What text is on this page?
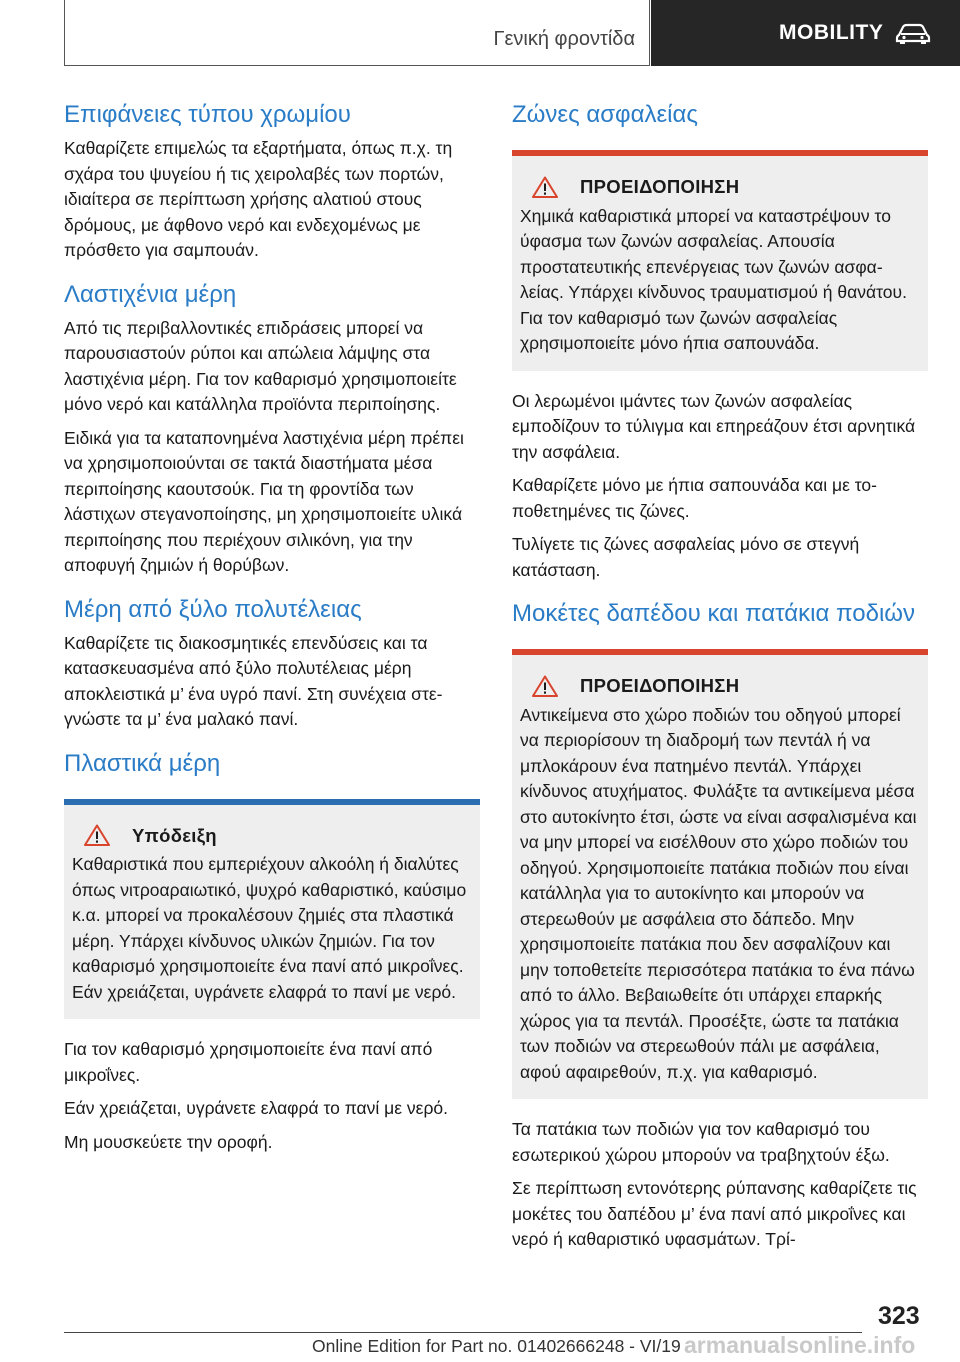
Γενική φροντίδα	MOBILITY
Επιφάνειες τύπου χρωμίου

Καθαρίζετε επιμελώς τα εξαρτήματα, όπως π.χ. τη σχάρα του ψυγείου ή τις χειρολαβές των πορτών, ιδιαίτερα σε περίπτωση χρήσης αλατιού στους δρόμους, με άφθονο νερό και ενδεχομένως με πρόσθετο για σαμπουάν.

Λαστιχένια μέρη

Από τις περιβαλλοντικές επιδράσεις μπορεί να παρουσιαστούν ρύποι και απώλεια λάμψης στα λαστιχένια μέρη. Για τον καθαρισμό χρησιμοποιείτε μόνο νερό και κατάλληλα προϊόντα περιποίησης.

Ειδικά για τα καταπονημένα λαστιχένια μέρη πρέπει να χρησιμοποιούνται σε τακτά διαστήματα μέσα περιποίησης καουτσούκ. Για τη φροντίδα των λάστιχων στεγανοποίησης, μη χρησιμοποιείτε υλικά περιποίησης που περιέχουν σιλικόνη, για την αποφυγή ζημιών ή θορύβων.

Μέρη από ξύλο πολυτέλειας

Καθαρίζετε τις διακοσμητικές επενδύσεις και τα κατασκευασμένα από ξύλο πολυτέλειας μέρη αποκλειστικά μ’ ένα υγρό πανί. Στη συνέχεια στεγνώστε τα μ’ ένα μαλακό πανί.

Πλαστικά μέρη
Υπόδειξη

Καθαριστικά που εμπεριέχουν αλκοόλη ή διαλύτες όπως νιτροαραιωτικό, ψυχρό καθαριστικό, καύσιμο κ.α. μπορεί να προκαλέσουν ζημιές στα πλαστικά μέρη. Υπάρχει κίνδυνος υλικών ζημιών. Για τον καθαρισμό χρησιμοποιείτε ένα πανί από μικροΐνες. Εάν χρειάζεται, υγράνετε ελαφρά το πανί με νερό.

Για τον καθαρισμό χρησιμοποιείτε ένα πανί από μικροΐνες.

Εάν χρειάζεται, υγράνετε ελαφρά το πανί με νερό.

Μη μουσκεύετε την οροφή.

Ζώνες ασφαλείας
ΠΡΟΕΙΔΟΠΟΙΗΣΗ

Χημικά καθαριστικά μπορεί να καταστρέψουν το ύφασμα των ζωνών ασφαλείας. Απουσία προστατευτικής επενέργειας των ζωνών ασφαλείας. Υπάρχει κίνδυνος τραυματισμού ή θανάτου. Για τον καθαρισμό των ζωνών ασφαλείας χρησιμοποιείτε μόνο ήπια σαπουνάδα.

Οι λερωμένοι ιμάντες των ζωνών ασφαλείας εμποδίζουν το τύλιγμα και επηρεάζουν έτσι αρνητικά την ασφάλεια.

Καθαρίζετε μόνο με ήπια σαπουνάδα και με τοποθετημένες τις ζώνες.

Τυλίγετε τις ζώνες ασφαλείας μόνο σε στεγνή κατάσταση.

Μοκέτες δαπέδου και πατάκια ποδιών
ΠΡΟΕΙΔΟΠΟΙΗΣΗ

Αντικείμενα στο χώρο ποδιών του οδηγού μπορεί να περιορίσουν τη διαδρομή των πεντάλ ή να μπλοκάρουν ένα πατημένο πεντάλ. Υπάρχει κίνδυνος ατυχήματος. Φυλάξτε τα αντικείμενα μέσα στο αυτοκίνητο έτσι, ώστε να είναι ασφαλισμένα και να μην μπορεί να εισέλθουν στο χώρο ποδιών του οδηγού. Χρησιμοποιείτε πατάκια ποδιών που είναι κατάλληλα για το αυτοκίνητο και μπορούν να στερεωθούν με ασφάλεια στο δάπεδο. Μην χρησιμοποιείτε πατάκια που δεν ασφαλίζουν και μην τοποθετείτε περισσότερα πατάκια το ένα πάνω από το άλλο. Βεβαιωθείτε ότι υπάρχει επαρκής χώρος για τα πεντάλ. Προσέξτε, ώστε τα πατάκια των ποδιών να στερεωθούν πάλι με ασφάλεια, αφού αφαιρεθούν, π.χ. για καθαρισμό.

Τα πατάκια των ποδιών για τον καθαρισμό του εσωτερικού χώρου μπορούν να τραβηχτούν έξω.

Σε περίπτωση εντονότερης ρύπανσης καθαρίζετε τις μοκέτες του δαπέδου μ’ ένα πανί από μικροΐνες και νερό ή καθαριστικό υφασμάτων. Τρί-

323
Online Edition for Part no. 01402666248 - VI/19 armanualsonline.info
